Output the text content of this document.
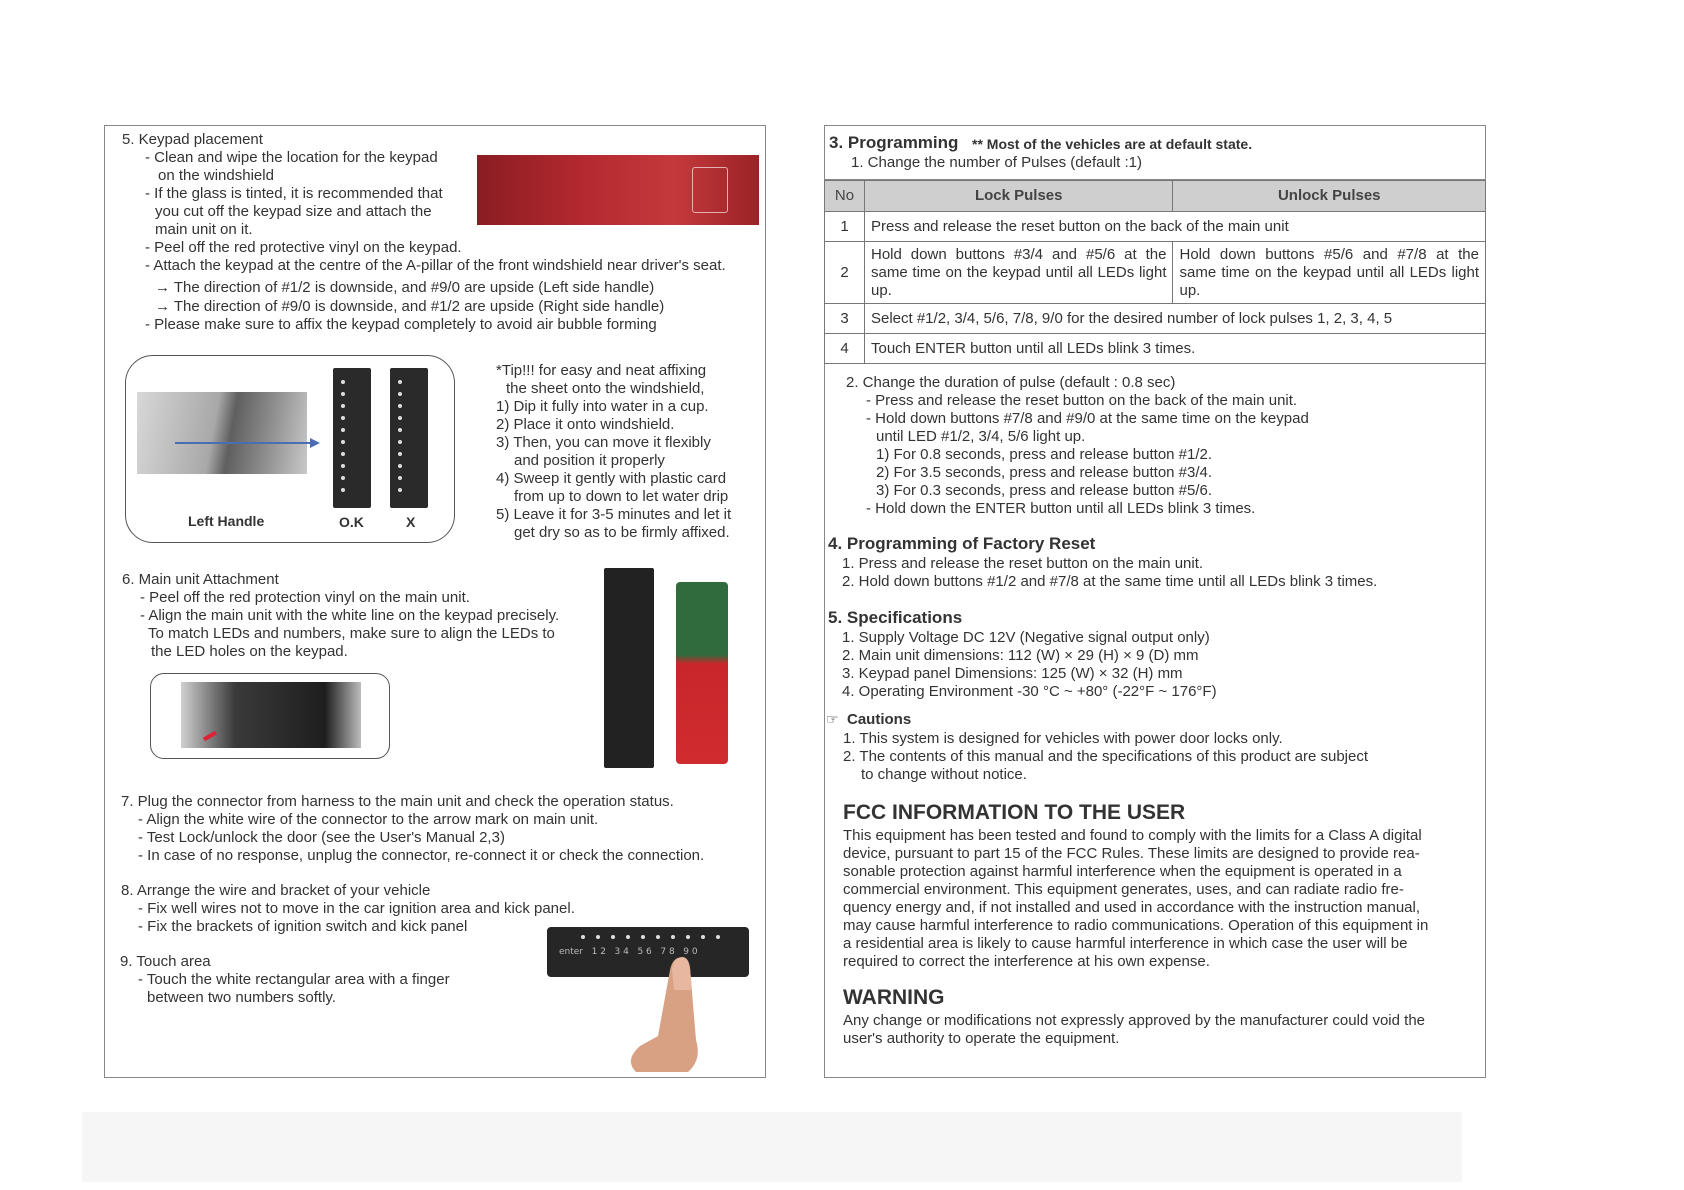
5. Keypad placement
- Clean and wipe the location for the keypad
on the windshield
- If the glass is tinted, it is recommended that
you cut off the keypad size and attach the
main unit on it.
- Peel off the red protective vinyl on the keypad.
- Attach the keypad at the centre of the A-pillar of the front windshield near driver's seat.
→ The direction of #1/2 is downside, and #9/0 are upside (Left side handle)
→ The direction of #9/0 is downside, and #1/2 are upside (Right side handle)
- Please make sure to affix the keypad completely to avoid air bubble forming
Left Handle	O.K	X
*Tip!!! for easy and neat affixing
the sheet onto the windshield,
1) Dip it fully into water in a cup.
2) Place it onto windshield.
3) Then, you can move it flexibly
and position it properly
4) Sweep it gently with plastic card
from up to down to let water drip
5) Leave it for 3-5 minutes and let it
get dry so as to be firmly affixed.
6. Main unit Attachment
- Peel off the red protection vinyl on the main unit.
- Align the main unit with the white line on the keypad precisely.
To match LEDs and numbers, make sure to align the LEDs to
the LED holes on the keypad.
7. Plug the connector from harness to the main unit and check the operation status.
- Align the white wire of the connector to the arrow mark on main unit.
- Test Lock/unlock the door (see the User's Manual 2,3)
- In case of no response, unplug the connector, re-connect it or check the connection.
8. Arrange the wire and bracket of your vehicle
- Fix well wires not to move in the car ignition area and kick panel.
- Fix the brackets of ignition switch and kick panel
9. Touch area
- Touch the white rectangular area with a finger
between two numbers softly.
enter 1 2 3 4 5 6 7 8 9 0
3. Programming ** Most of the vehicles are at default state.
1. Change the number of Pulses (default :1)
No	Lock Pulses	Unlock Pulses
1	Press and release the reset button on the back of the main unit	
2	Hold down buttons #3/4 and #5/6 at the same time on the keypad until all LEDs light up.	Hold down buttons #5/6 and #7/8 at the same time on the keypad until all LEDs light up.
3	Select #1/2, 3/4, 5/6, 7/8, 9/0 for the desired number of lock pulses 1, 2, 3, 4, 5	
4	Touch ENTER button until all LEDs blink 3 times.	
2. Change the duration of pulse (default : 0.8 sec)
- Press and release the reset button on the back of the main unit.
- Hold down buttons #7/8 and #9/0 at the same time on the keypad
until LED #1/2, 3/4, 5/6 light up.
1) For 0.8 seconds, press and release button #1/2.
2) For 3.5 seconds, press and release button #3/4.
3) For 0.3 seconds, press and release button #5/6.
- Hold down the ENTER button until all LEDs blink 3 times.
4. Programming of Factory Reset
1. Press and release the reset button on the main unit.
2. Hold down buttons #1/2 and #7/8 at the same time until all LEDs blink 3 times.
5. Specifications
1. Supply Voltage DC 12V (Negative signal output only)
2. Main unit dimensions: 112 (W) × 29 (H) × 9 (D) mm
3. Keypad panel Dimensions: 125 (W) × 32 (H) mm
4. Operating Environment -30 °C ~ +80° (-22°F ~ 176°F)
☞ Cautions
1. This system is designed for vehicles with power door locks only.
2. The contents of this manual and the specifications of this product are subject
to change without notice.
FCC INFORMATION TO THE USER
This equipment has been tested and found to comply with the limits for a Class A digital
device, pursuant to part 15 of the FCC Rules. These limits are designed to provide rea-
sonable protection against harmful interference when the equipment is operated in a
commercial environment. This equipment generates, uses, and can radiate radio fre-
quency energy and, if not installed and used in accordance with the instruction manual,
may cause harmful interference to radio communications. Operation of this equipment in
a residential area is likely to cause harmful interference in which case the user will be
required to correct the interference at his own expense.
WARNING
Any change or modifications not expressly approved by the manufacturer could void the
user's authority to operate the equipment.
